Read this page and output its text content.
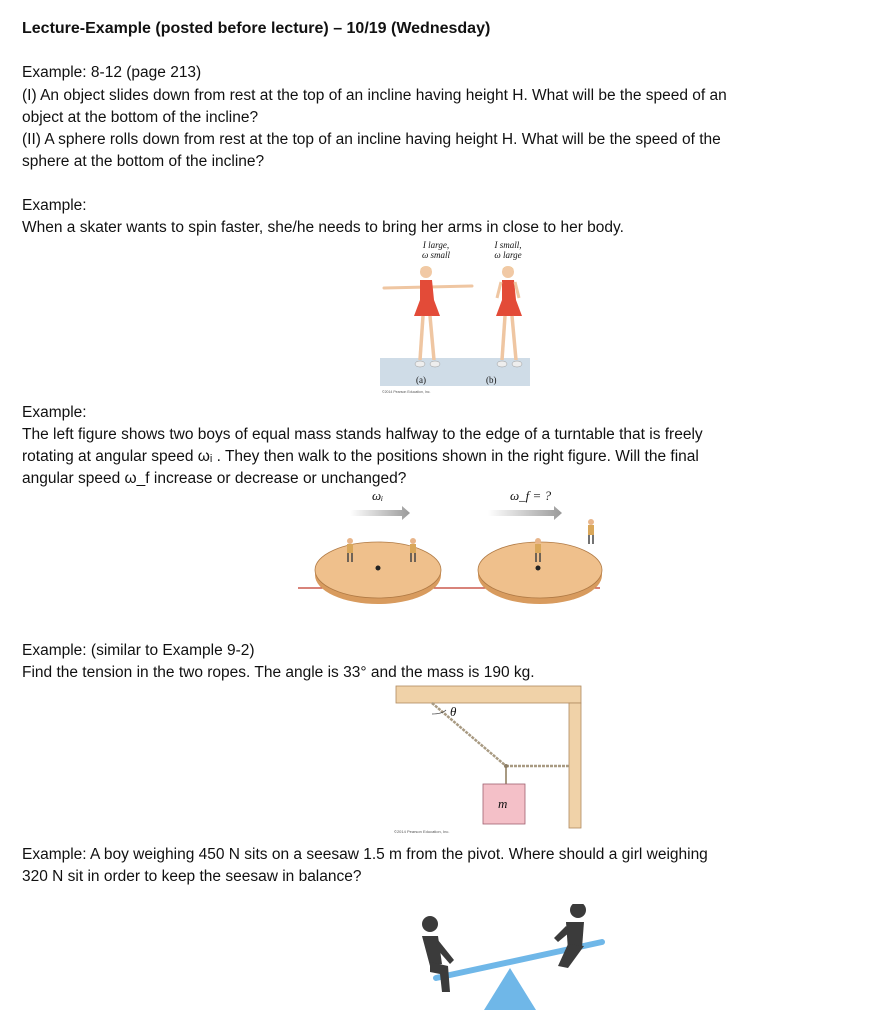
Lecture-Example (posted before lecture) – 10/19 (Wednesday)

Example: 8-12 (page 213)

(I) An object slides down from rest at the top of an incline having height H. What will be the speed of an

object at the bottom of the incline?

(II) A sphere rolls down from rest at the top of an incline having height H. What will be the speed of the

sphere at the bottom of the incline?

Example:

When a skater wants to spin faster, she/he needs to bring her arms in close to her body.

I large,
ω small
I small,
ω large
(a)	(b)
©2014 Pearson Education, Inc.

Example:

The left figure shows two boys of equal mass stands halfway to the edge of a turntable that is freely

rotating at angular speed ωᵢ . They then walk to the positions shown in the right figure. Will the final

angular speed ω_f increase or decrease or unchanged?

ωᵢ	ω_f = ?

Example: (similar to Example 9-2)

Find the tension in the two ropes. The angle is 33° and the mass is 190 kg.

θ
m
©2014 Pearson Education, Inc.

Example: A boy weighing 450 N sits on a seesaw 1.5 m from the pivot. Where should a girl weighing

320 N sit in order to keep the seesaw in balance?
